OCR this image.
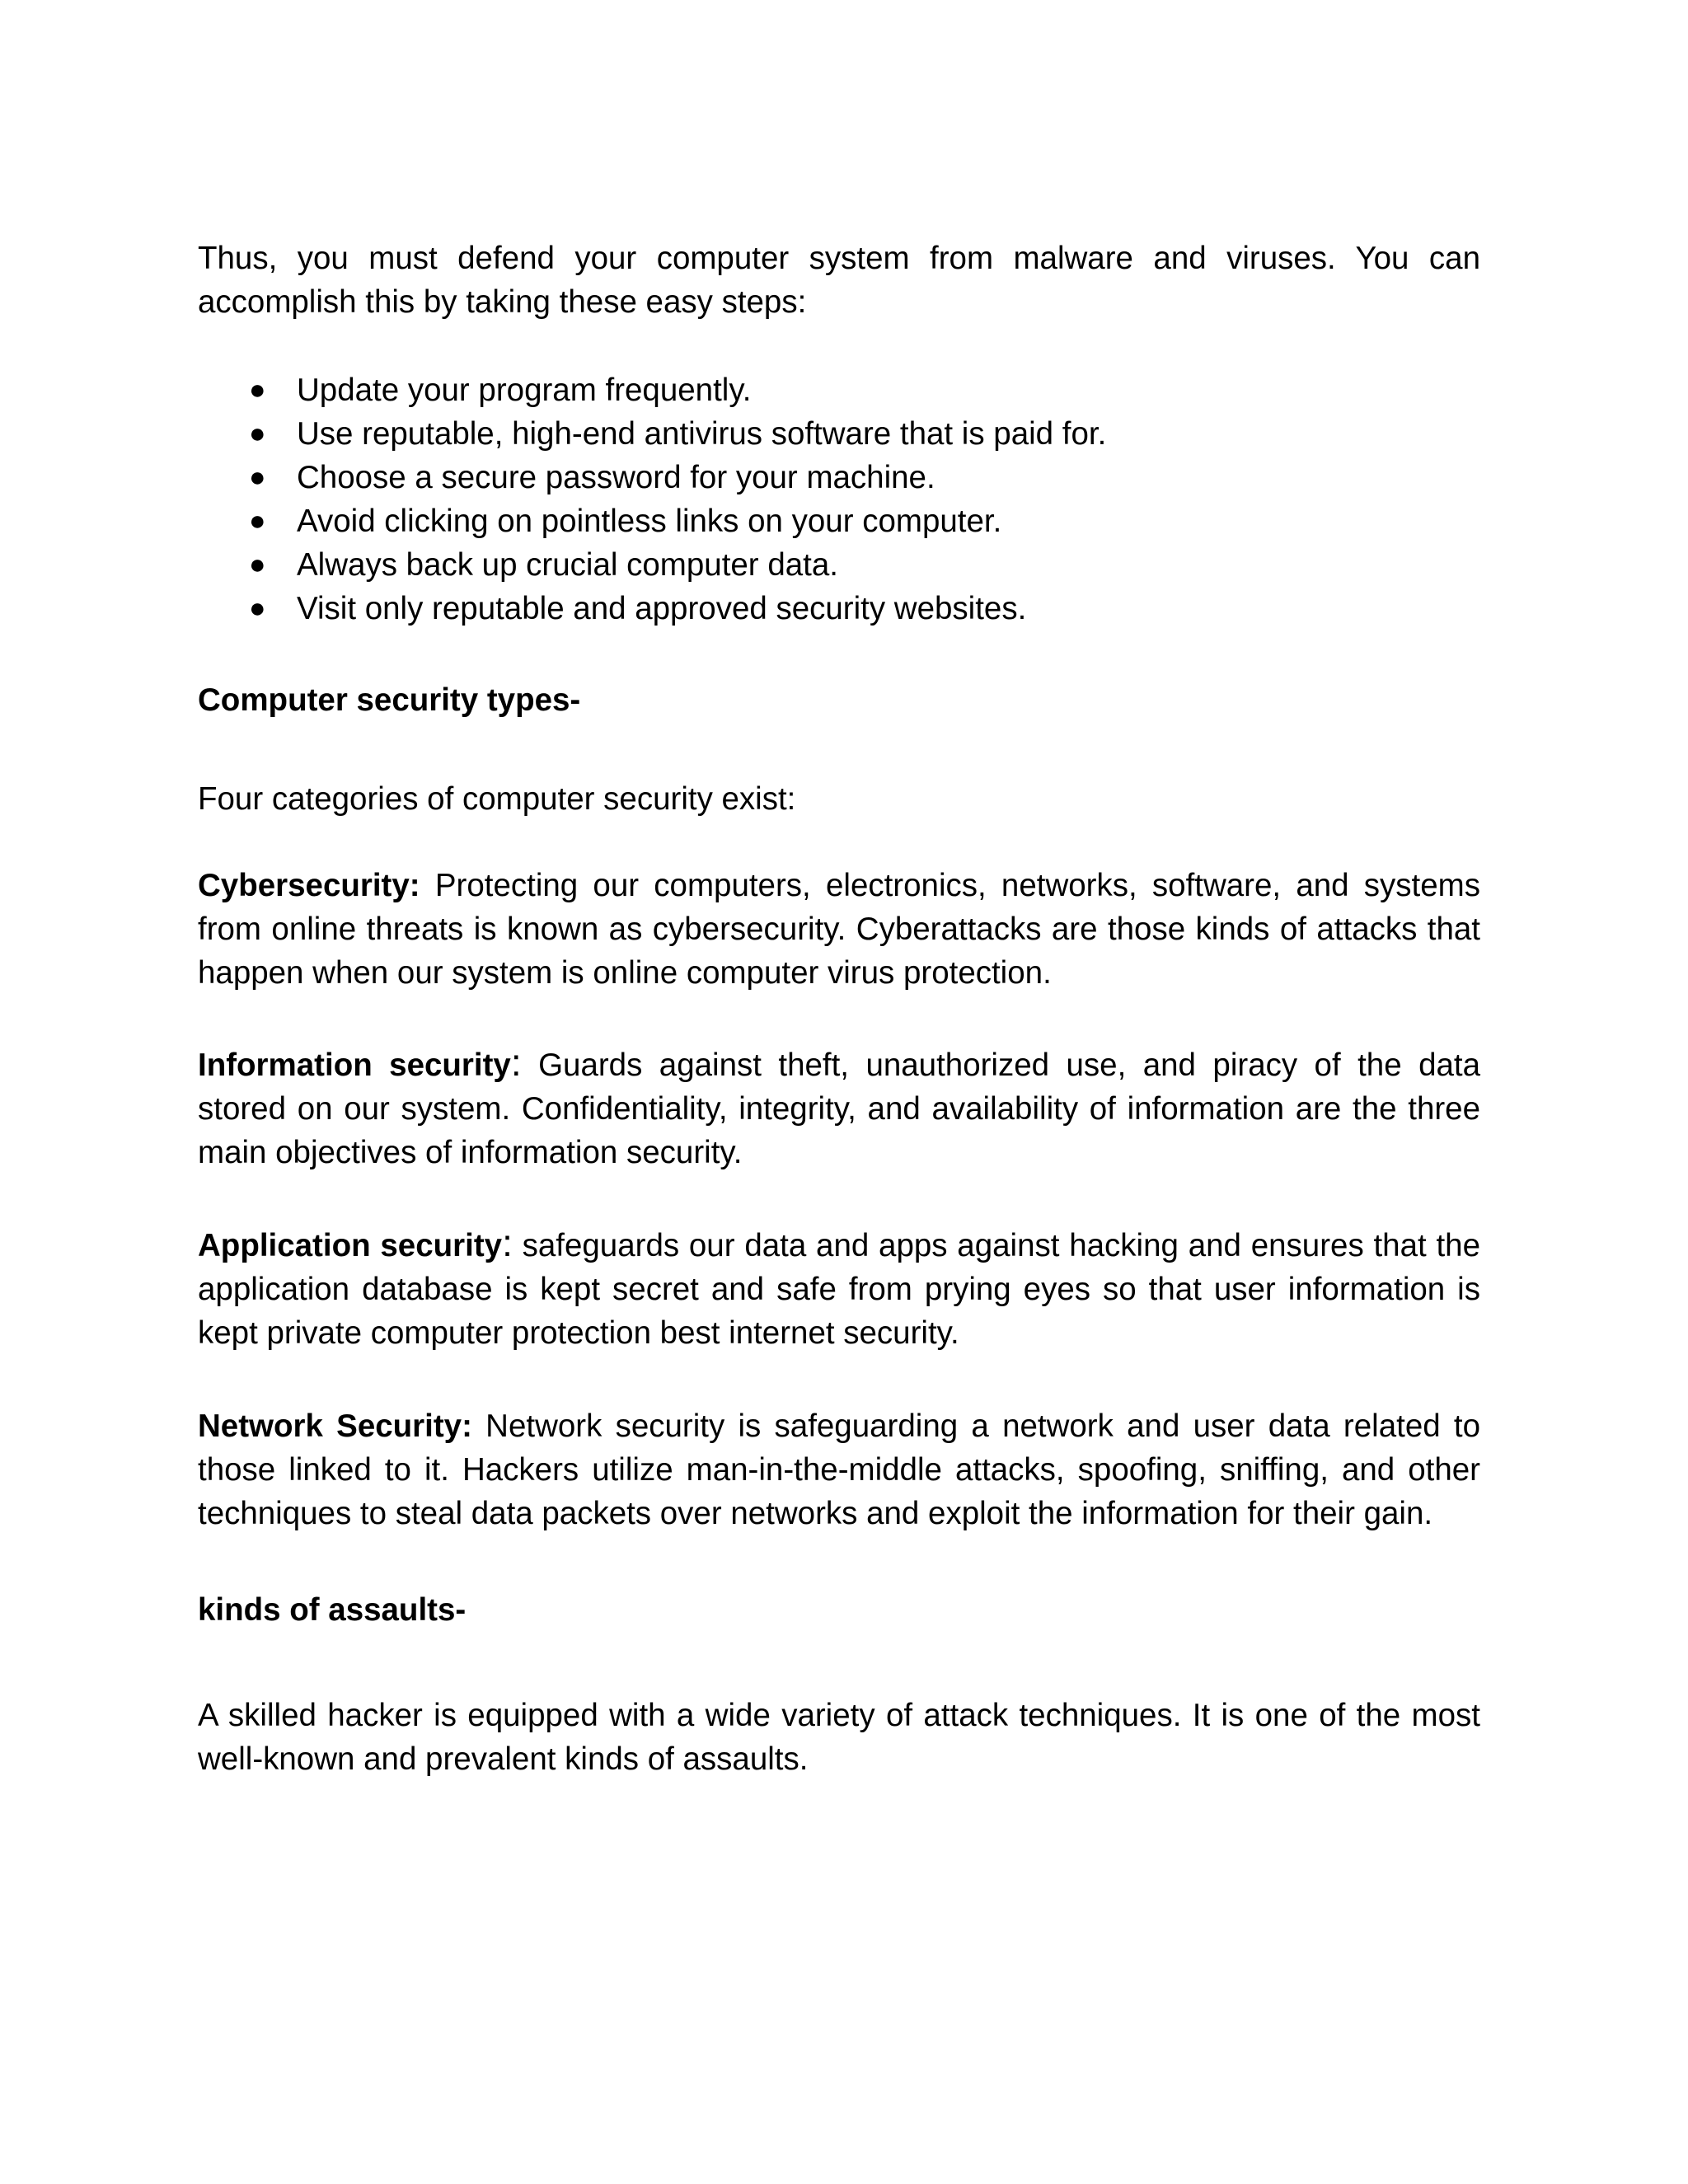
Thus, you must defend your computer system from malware and viruses. You can accomplish this by taking these easy steps:

● Update your program frequently.
● Use reputable, high-end antivirus software that is paid for.
● Choose a secure password for your machine.
● Avoid clicking on pointless links on your computer.
● Always back up crucial computer data.
● Visit only reputable and approved security websites.

Computer security types-

Four categories of computer security exist:

Cybersecurity: Protecting our computers, electronics, networks, software, and systems from online threats is known as cybersecurity. Cyberattacks are those kinds of attacks that happen when our system is online computer virus protection.

Information security: Guards against theft, unauthorized use, and piracy of the data stored on our system. Confidentiality, integrity, and availability of information are the three main objectives of information security.

Application security: safeguards our data and apps against hacking and ensures that the application database is kept secret and safe from prying eyes so that user information is kept private computer protection best internet security.

Network Security: Network security is safeguarding a network and user data related to those linked to it. Hackers utilize man-in-the-middle attacks, spoofing, sniffing, and other techniques to steal data packets over networks and exploit the information for their gain.

kinds of assaults-

A skilled hacker is equipped with a wide variety of attack techniques. It is one of the most well-known and prevalent kinds of assaults.
